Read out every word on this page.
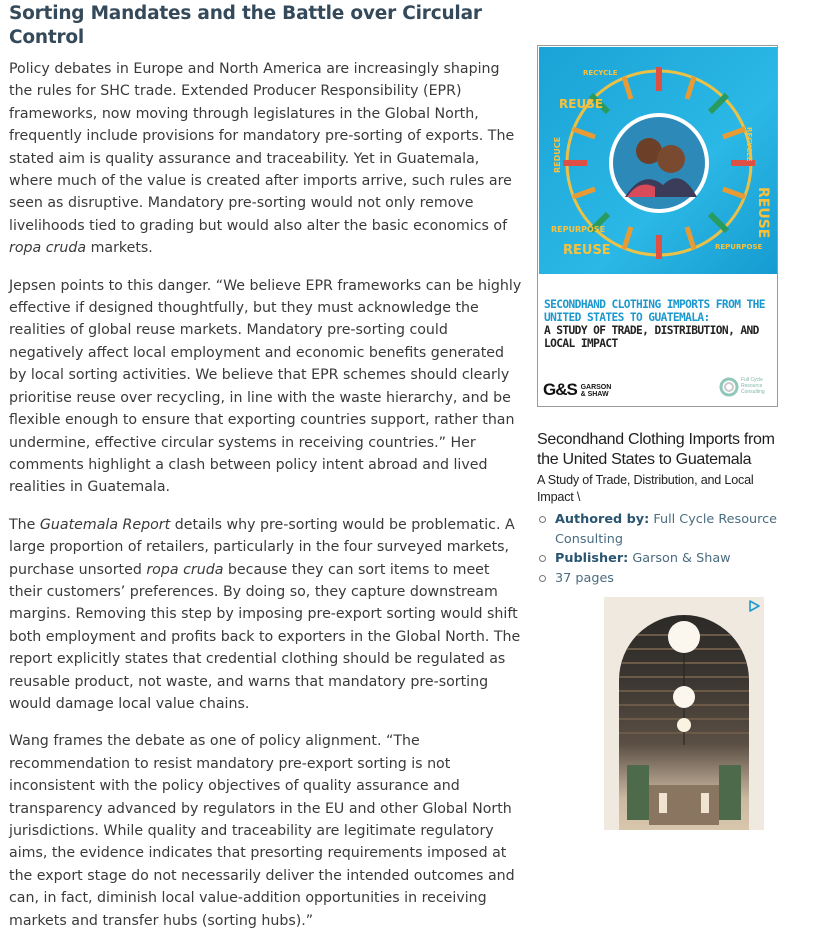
Sorting Mandates and the Battle over Circular Control

Policy debates in Europe and North America are increasingly shaping the rules for SHC trade. Extended Producer Responsibility (EPR) frameworks, now moving through legislatures in the Global North, frequently include provisions for mandatory pre-sorting of exports. The stated aim is quality assurance and traceability. Yet in Guatemala, where much of the value is created after imports arrive, such rules are seen as disruptive. Mandatory pre-sorting would not only remove livelihoods tied to grading but would also alter the basic economics of ropa cruda markets.

Jepsen points to this danger. “We believe EPR frameworks can be highly effective if designed thoughtfully, but they must acknowledge the realities of global reuse markets. Mandatory pre-sorting could negatively affect local employment and economic benefits generated by local sorting activities. We believe that EPR schemes should clearly prioritise reuse over recycling, in line with the waste hierarchy, and be flexible enough to ensure that exporting countries support, rather than undermine, effective circular systems in receiving countries.” Her comments highlight a clash between policy intent abroad and lived realities in Guatemala.

The Guatemala Report details why pre-sorting would be problematic. A large proportion of retailers, particularly in the four surveyed markets, purchase unsorted ropa cruda because they can sort items to meet their customers’ preferences. By doing so, they capture downstream margins. Removing this step by imposing pre-export sorting would shift both employment and profits back to exporters in the Global North. The report explicitly states that credential clothing should be regulated as reusable product, not waste, and warns that mandatory pre-sorting would damage local value chains.

Wang frames the debate as one of policy alignment. “The recommendation to resist mandatory pre-export sorting is not inconsistent with the policy objectives of quality assurance and transparency advanced by regulators in the EU and other Global North jurisdictions. While quality and traceability are legitimate regulatory aims, the evidence indicates that presorting requirements imposed at the export stage do not necessarily deliver the intended outcomes and can, in fact, diminish local value-addition opportunities in receiving markets and transfer hubs (sorting hubs).”

RECYCLE
REUSE
REDUCE
REPURPOSE
REUSE
RECYCLE
REUSE
REPURPOSE
SECONDHAND CLOTHING IMPORTS FROM THE UNITED STATES TO GUATEMALA:
A STUDY OF TRADE, DISTRIBUTION, AND LOCAL IMPACT
G&S GARSON
& SHAW
Full Cycle
Resource
Consulting

Secondhand Clothing Imports from the United States to Guatemala

A Study of Trade, Distribution, and Local Impact \

Authored by: Full Cycle Resource Consulting
Publisher: Garson & Shaw
37 pages
